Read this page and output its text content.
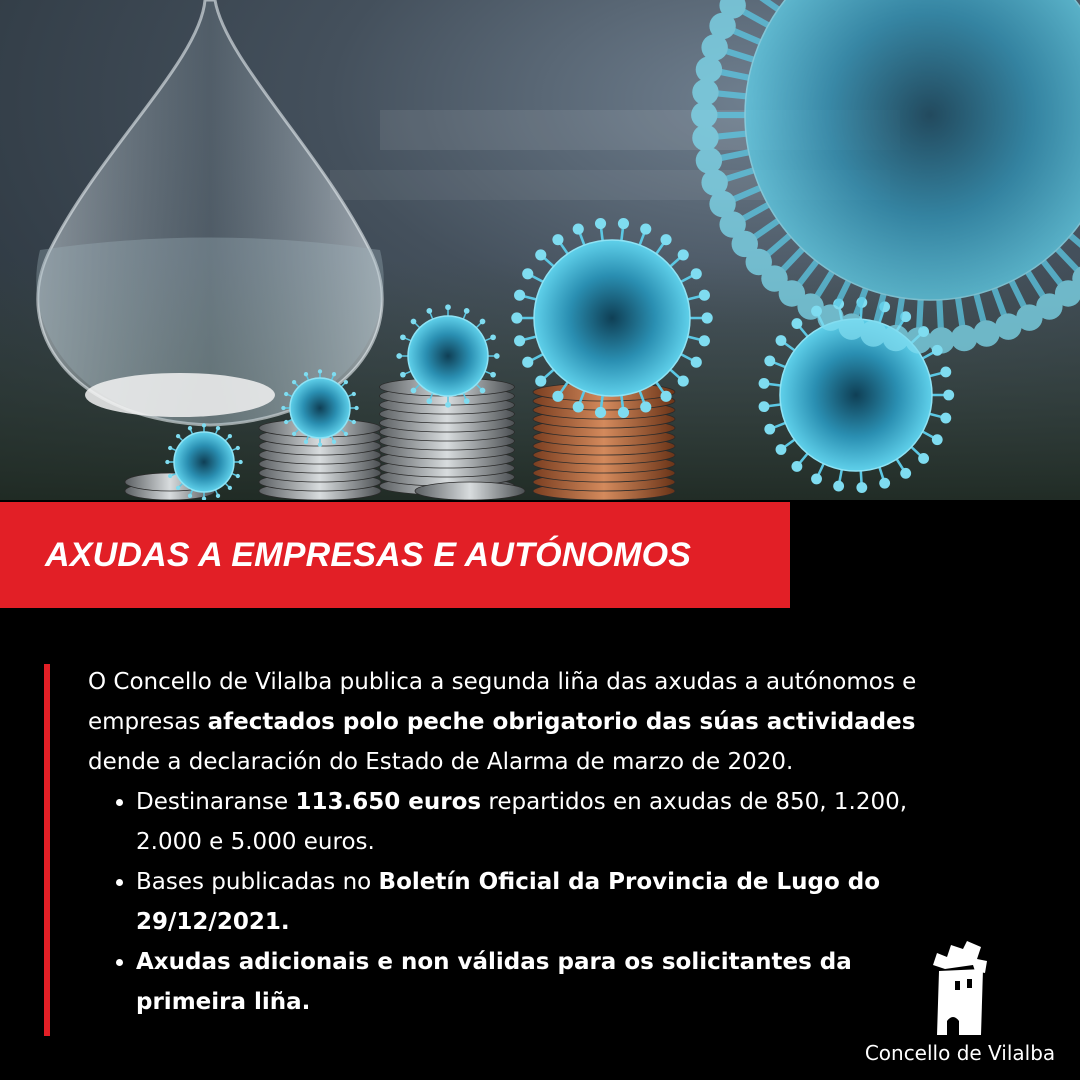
AXUDAS A EMPRESAS E AUTÓNOMOS

O Concello de Vilalba publica a segunda liña das axudas a autónomos e empresas afectados polo peche obrigatorio das súas actividades dende a declaración do Estado de Alarma de marzo de 2020.

• Destinaranse 113.650 euros repartidos en axudas de 850, 1.200, 2.000 e 5.000 euros.
• Bases publicadas no Boletín Oficial da Provincia de Lugo do 29/12/2021.
• Axudas adicionais e non válidas para os solicitantes da primeira liña.
Concello de Vilalba
